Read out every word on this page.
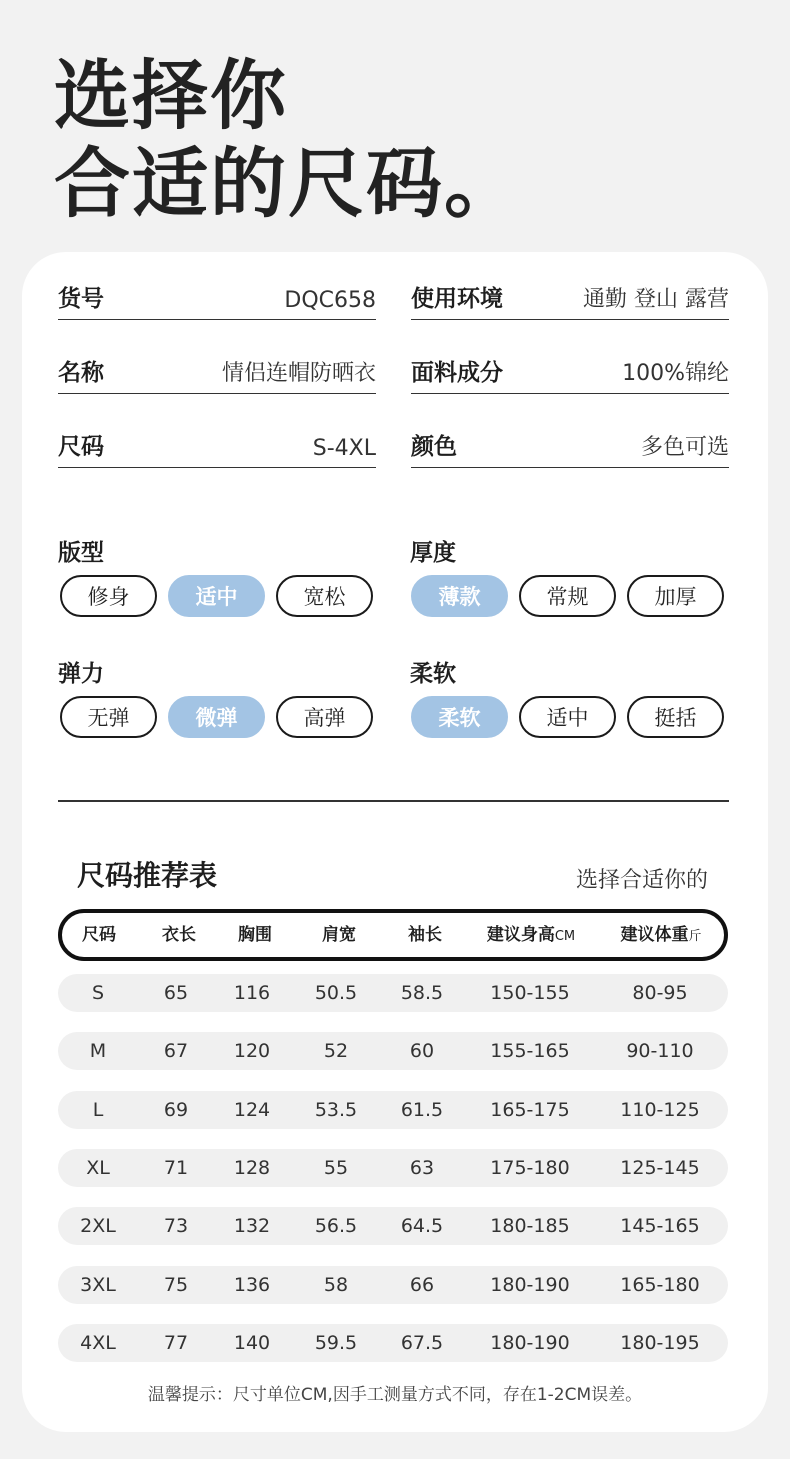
选择你
合适的尺码。
货号	DQC658 使用环境	通勤 登山 露营
名称	情侣连帽防晒衣 面料成分	100%锦纶
尺码	S-4XL 颜色	多色可选
版型
修身	适中	宽松
厚度
薄款	常规	加厚
弹力
无弹	微弹	高弹
柔软
柔软	适中	挺括
尺码推荐表	选择合适你的
尺码	衣长	胸围	肩宽	袖长	建议身高CM	建议体重斤
S	65	116	50.5	58.5	150-155	80-95
M	67	120	52	60	155-165	90-110
L	69	124	53.5	61.5	165-175	110-125
XL	71	128	55	63	175-180	125-145
2XL	73	132	56.5	64.5	180-185	145-165
3XL	75	136	58	66	180-190	165-180
4XL	77	140	59.5	67.5	180-190	180-195
温馨提示：尺寸单位CM,因手工测量方式不同，存在1-2CM误差。
